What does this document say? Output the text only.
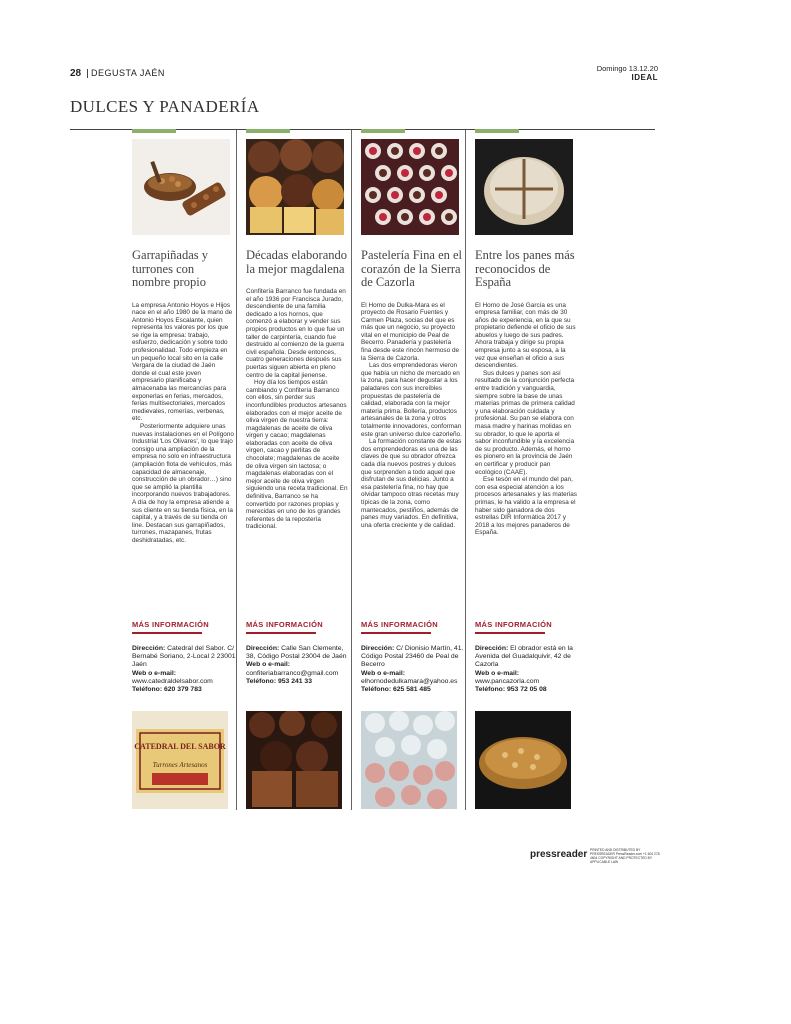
28	DEGUSTA JAÉN	Domingo 13.12.20
IDEAL
DULCES Y PANADERÍA
Garrapiñadas y turrones con nombre propio

La empresa Antonio Hoyos e Hijos nace en el año 1980 de la mano de Antonio Hoyos Escalante, quien representa los valores por los que se rige la empresa: trabajo, esfuerzo, dedicación y sobre todo profesionalidad. Todo empieza en un pequeño local sito en la calle Vergara de la ciudad de Jaén donde el cual este joven empresario planificaba y almacenaba las mercancías para exponerlas en ferias, mercados, ferias multisectoriales, mercados medievales, romerías, verbenas, etc.

Posteriormente adquiere unas nuevas instalaciones en el Polígono Industrial 'Los Olivares', lo que trajo consigo una ampliación de la empresa no solo en infraestructura (ampliación flota de vehículos, más capacidad de almacenaje, construcción de un obrador…) sino que se amplió la plantilla incorporando nuevos trabajadores. A día de hoy la empresa atiende a sus cliente en su tienda física, en la capital, y a través de su tienda on line. Destacan sus garrapiñados, turrones, mazapanes, frutas deshidratadas, etc.

Décadas elaborando la mejor magdalena

Confitería Barranco fue fundada en el año 1936 por Francisca Jurado, descendiente de una familia dedicado a los hornos, que comenzó a elaborar y vender sus propios productos en lo que fue un taller de carpintería, cuando fue destruido al comienzo de la guerra civil española. Desde entonces, cuatro generaciones después sus puertas siguen abierta en pleno centro de la capital jienense.

Hoy día los tiempos están cambiando y Confitería Barranco con ellos, sin perder sus inconfundibles productos artesanos elaborados con el mejor aceite de oliva virgen de nuestra tierra: magdalenas de aceite de oliva virgen y cacao; magdalenas elaboradas con aceite de oliva virgen, cacao y perlitas de chocolate; magdalenas de aceite de oliva virgen sin lactosa; o magdalenas elaboradas con el mejor aceite de oliva virgen siguiendo una receta tradicional. En definitiva, Barranco se ha convertido por razones propias y merecidas en uno de los grandes referentes de la repostería tradicional.

Pastelería Fina en el corazón de la Sierra de Cazorla

El Horno de Dulka-Mara es el proyecto de Rosario Fuentes y Carmen Plaza, socias del que es más que un negocio, su proyecto vital en el municipio de Peal de Becerro. Panadería y pastelería fina desde este rincón hermoso de la Sierra de Cazorla.

Las dos emprendedoras vieron que había un nicho de mercado en la zona, para hacer degustar a los paladares con sus increíbles propuestas de pastelería de calidad, elaborada con la mejor materia prima. Bollería, productos artesanales de la zona y otros totalmente innovadores, conforman este gran universo dulce cazorleño.

La formación constante de estas dos emprendedoras es una de las claves de que su obrador ofrezca cada día nuevos postres y dulces que sorprenden a todo aquel que disfrutan de sus delicias. Junto a esa pastelería fina, no hay que olvidar tampoco otras recetas muy típicas de la zona, como mantecados, pestiños, además de panes muy variados. En definitiva, una oferta creciente y de calidad.

Entre los panes más reconocidos de España

El Horno de José García es una empresa familiar, con más de 30 años de experiencia, en la que su propietario defiende el oficio de sus abuelos y luego de sus padres. Ahora trabaja y dirige su propia empresa junto a su esposa, a la vez que enseñan el oficio a sus descendientes.

Sus dulces y panes son así resultado de la conjunción perfecta entre tradición y vanguardia, siempre sobre la base de unas materias primas de primera calidad y una elaboración cuidada y profesional. Su pan se elabora con masa madre y harinas molidas en su obrador, lo que le aporta el sabor inconfundible y la excelencia de su producto. Además, el horno es pionero en la provincia de Jaén en certificar y producir pan ecológico (CAAE).

Ese tesón en el mundo del pan, con esa especial atención a los procesos artesanales y las materias primas, le ha valido a la empresa el haber sido ganadora de dos estrellas DIR Informática 2017 y 2018 a los mejores panaderos de España.

MÁS INFORMACIÓN	MÁS INFORMACIÓN	MÁS INFORMACIÓN	MÁS INFORMACIÓN
Dirección: Catedral del Sabor. C/ Bernabé Soriano, 2-Local 2 23001 Jaén
Web o e-mail: www.catedraldelsabor.com
Teléfono: 620 379 783
Dirección: Calle San Clemente, 38, Código Postal 23004 de Jaén
Web o e-mail: confiteriabarranco@gmail.com
Teléfono: 953 241 33
Dirección: C/ Dionisio Martín, 41. Código Postal 23460 de Peal de Becerro
Web o e-mail: elhornodedulkamara@yahoo.es
Teléfono: 625 581 485
Dirección: El obrador está en la Avenida del Guadalquivir, 42 de Cazorla
Web o e-mail: www.pancazorla.com
Teléfono: 953 72 05 08
CATEDRAL DEL SABOR
Turrones Artesanos
pressreader PRINTED AND DISTRIBUTED BY PRESSREADER PressReader.com +1 604 278 4604 COPYRIGHT AND PROTECTED BY APPLICABLE LAW
